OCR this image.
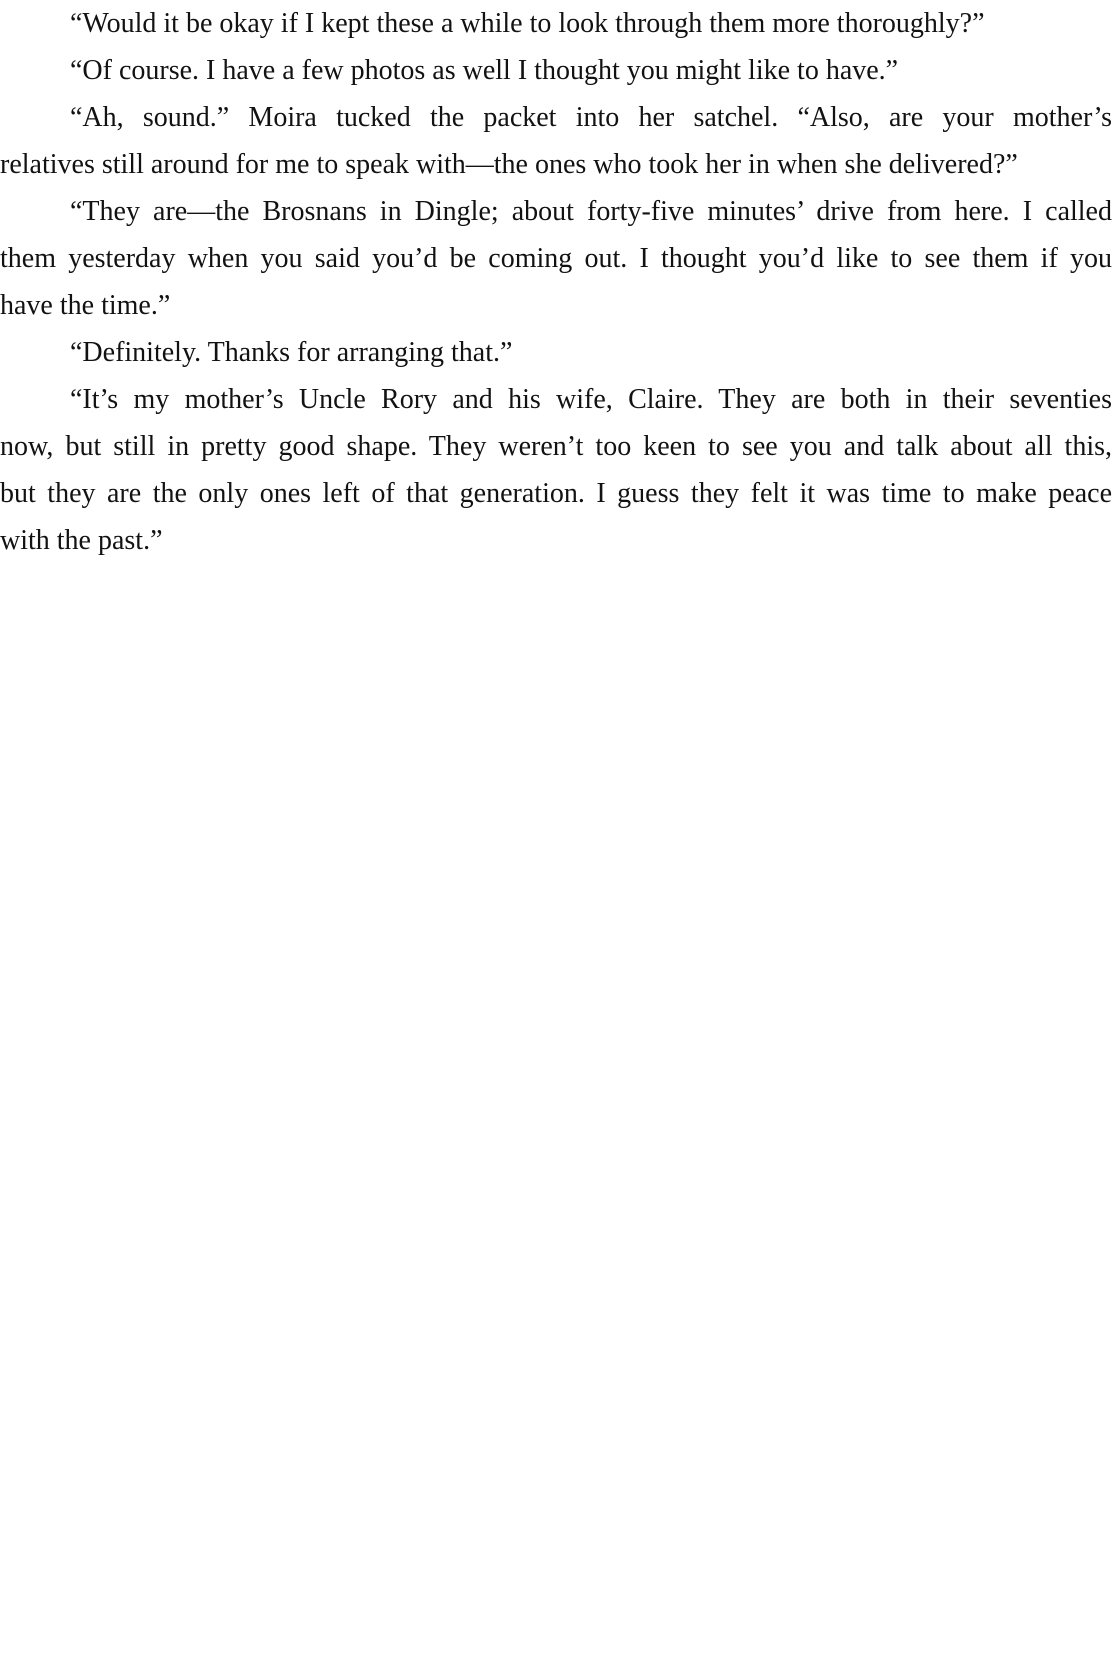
“Would it be okay if I kept these a while to look through them more thoroughly?”
“Of course. I have a few photos as well I thought you might like to have.”
“Ah, sound.” Moira tucked the packet into her satchel. “Also, are your mother’s
relatives still around for me to speak with—the ones who took her in when she delivered?”
“They are—the Brosnans in Dingle; about forty-five minutes’ drive from here. I called
them yesterday when you said you’d be coming out. I thought you’d like to see them if you
have the time.”
“Definitely. Thanks for arranging that.”
“It’s my mother’s Uncle Rory and his wife, Claire. They are both in their seventies
now, but still in pretty good shape. They weren’t too keen to see you and talk about all this,
but they are the only ones left of that generation. I guess they felt it was time to make peace
with the past.”
